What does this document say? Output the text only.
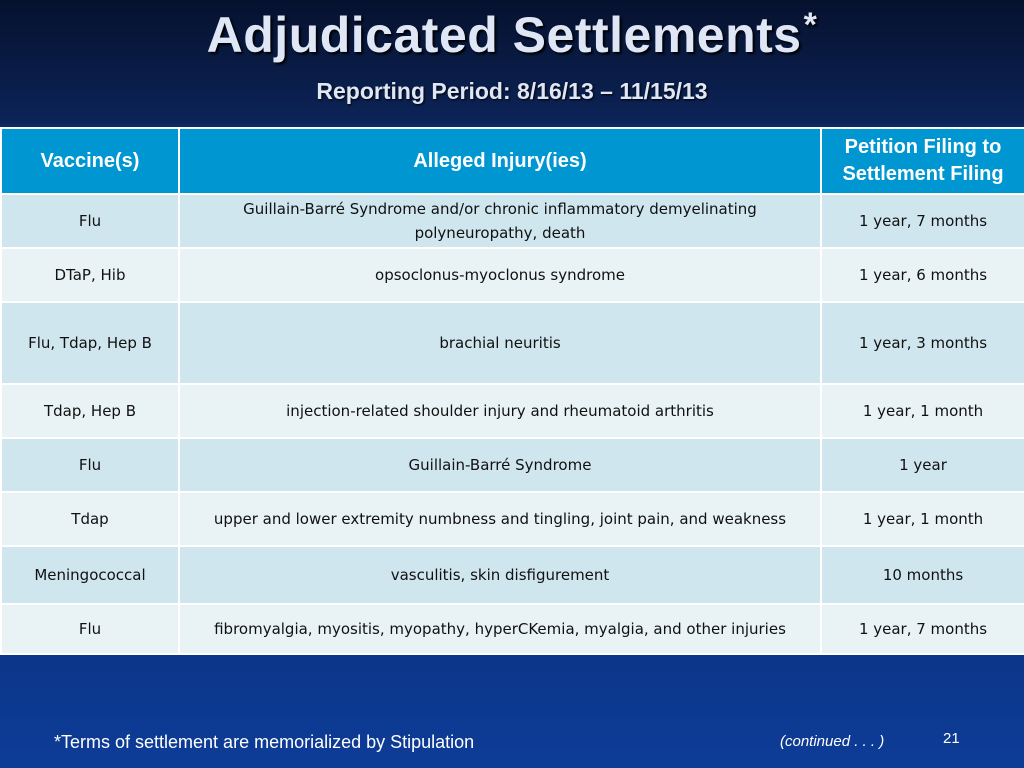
Adjudicated Settlements*
Reporting Period: 8/16/13 – 11/15/13
Vaccine(s)	Alleged Injury(ies)	Petition Filing to Settlement Filing
Flu	Guillain-Barré Syndrome and/or chronic inflammatory demyelinating polyneuropathy, death	1 year, 7 months
DTaP, Hib	opsoclonus-myoclonus syndrome	1 year, 6 months
Flu, Tdap, Hep B	brachial neuritis	1 year, 3 months
Tdap, Hep B	injection-related shoulder injury and rheumatoid arthritis	1 year, 1 month
Flu	Guillain-Barré Syndrome	1 year
Tdap	upper and lower extremity numbness and tingling, joint pain, and weakness	1 year, 1 month
Meningococcal	vasculitis, skin disfigurement	10 months
Flu	fibromyalgia, myositis, myopathy, hyperCKemia, myalgia, and other injuries	1 year, 7 months
*Terms of settlement are memorialized by Stipulation	(continued . . . )	21
